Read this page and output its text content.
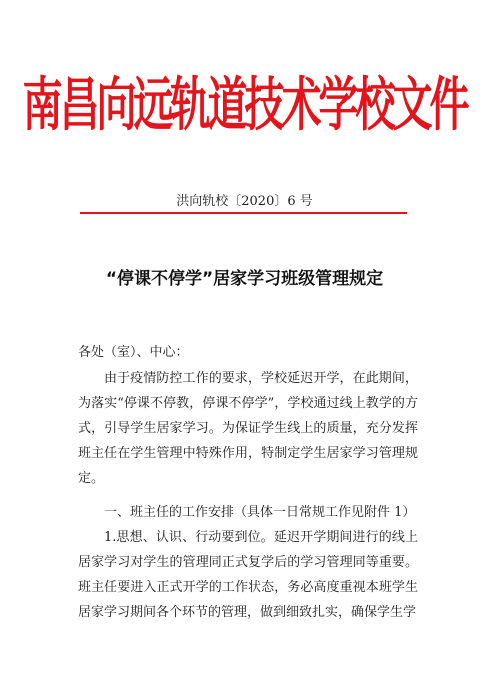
南昌向远轨道技术学校文件
洪向轨校〔2020〕6 号
“停课不停学”居家学习班级管理规定
各处（室）、中心：
由于疫情防控工作的要求，学校延迟开学，在此期间，为落实“停课不停教，停课不停学”，学校通过线上教学的方式，引导学生居家学习。为保证学生线上的质量，充分发挥班主任在学生管理中特殊作用，特制定学生居家学习管理规定。
一、班主任的工作安排（具体一日常规工作见附件 1）
1.思想、认识、行动要到位。延迟开学期间进行的线上居家学习对学生的管理同正式复学后的学习管理同等重要。班主任要进入正式开学的工作状态，务必高度重视本班学生居家学习期间各个环节的管理，做到细致扎实，确保学生学
